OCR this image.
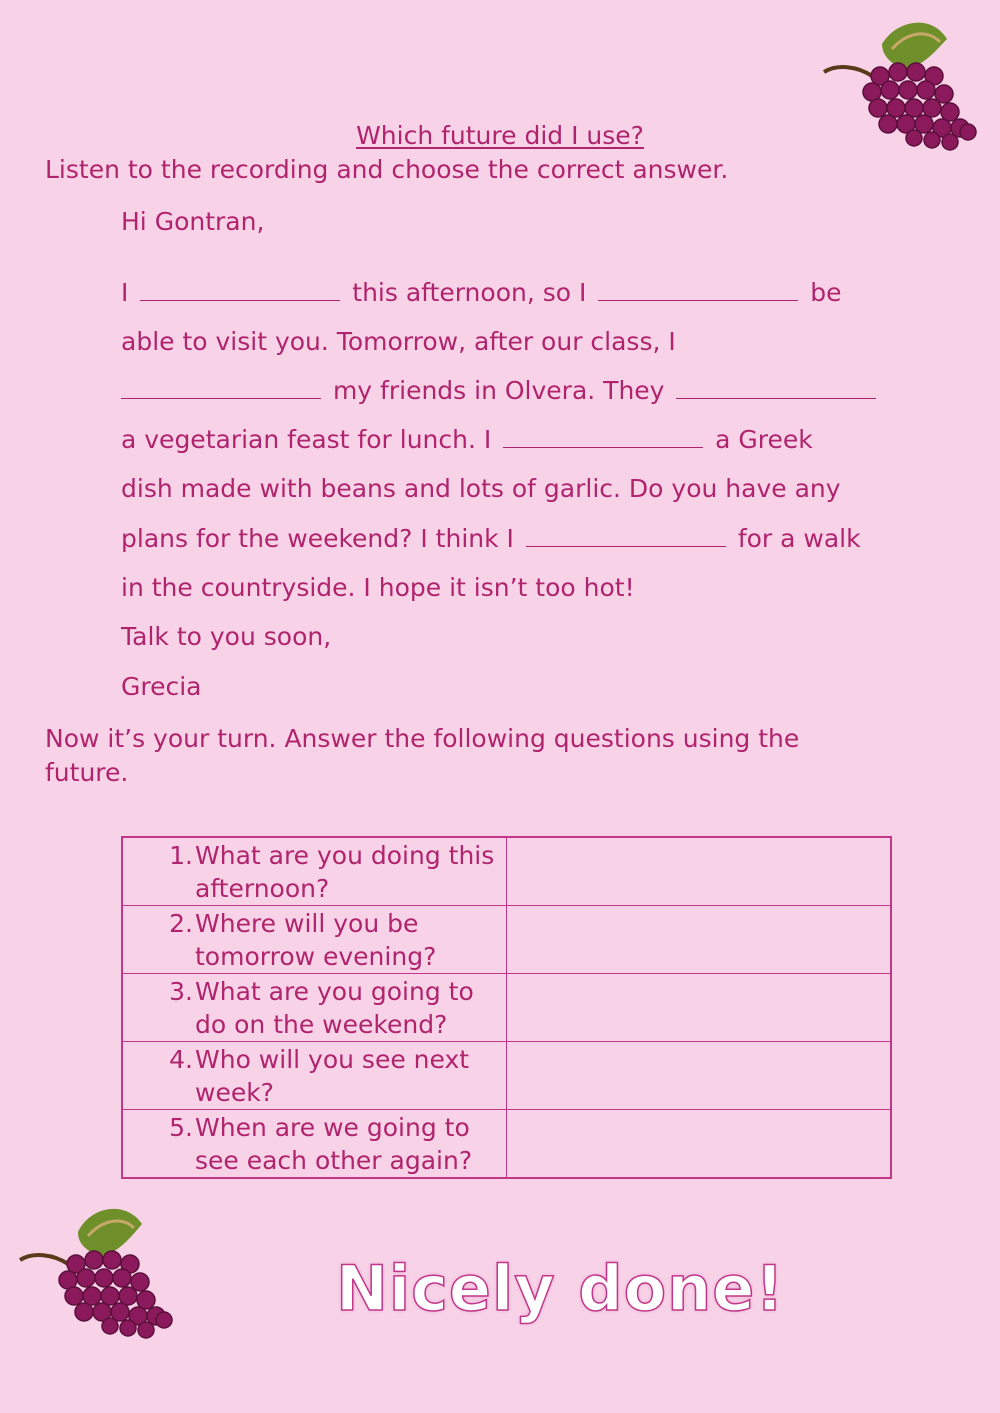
Which future did I use?
Listen to the recording and choose the correct answer.
Hi Gontran,
I	this afternoon, so I	be
able to visit you. Tomorrow, after our class, I
my friends in Olvera. They
a vegetarian feast for lunch. I	a Greek
dish made with beans and lots of garlic. Do you have any
plans for the weekend? I think I	for a walk
in the countryside. I hope it isn’t too hot!
Talk to you soon,
Grecia
Now it’s your turn. Answer the following questions using the future.
1. What are you doing this afternoon?	

2. Where will you be tomorrow evening?	

3. What are you going to do on the weekend?	

4. Who will you see next week?	

5. When are we going to see each other again?	

Nicely done!
